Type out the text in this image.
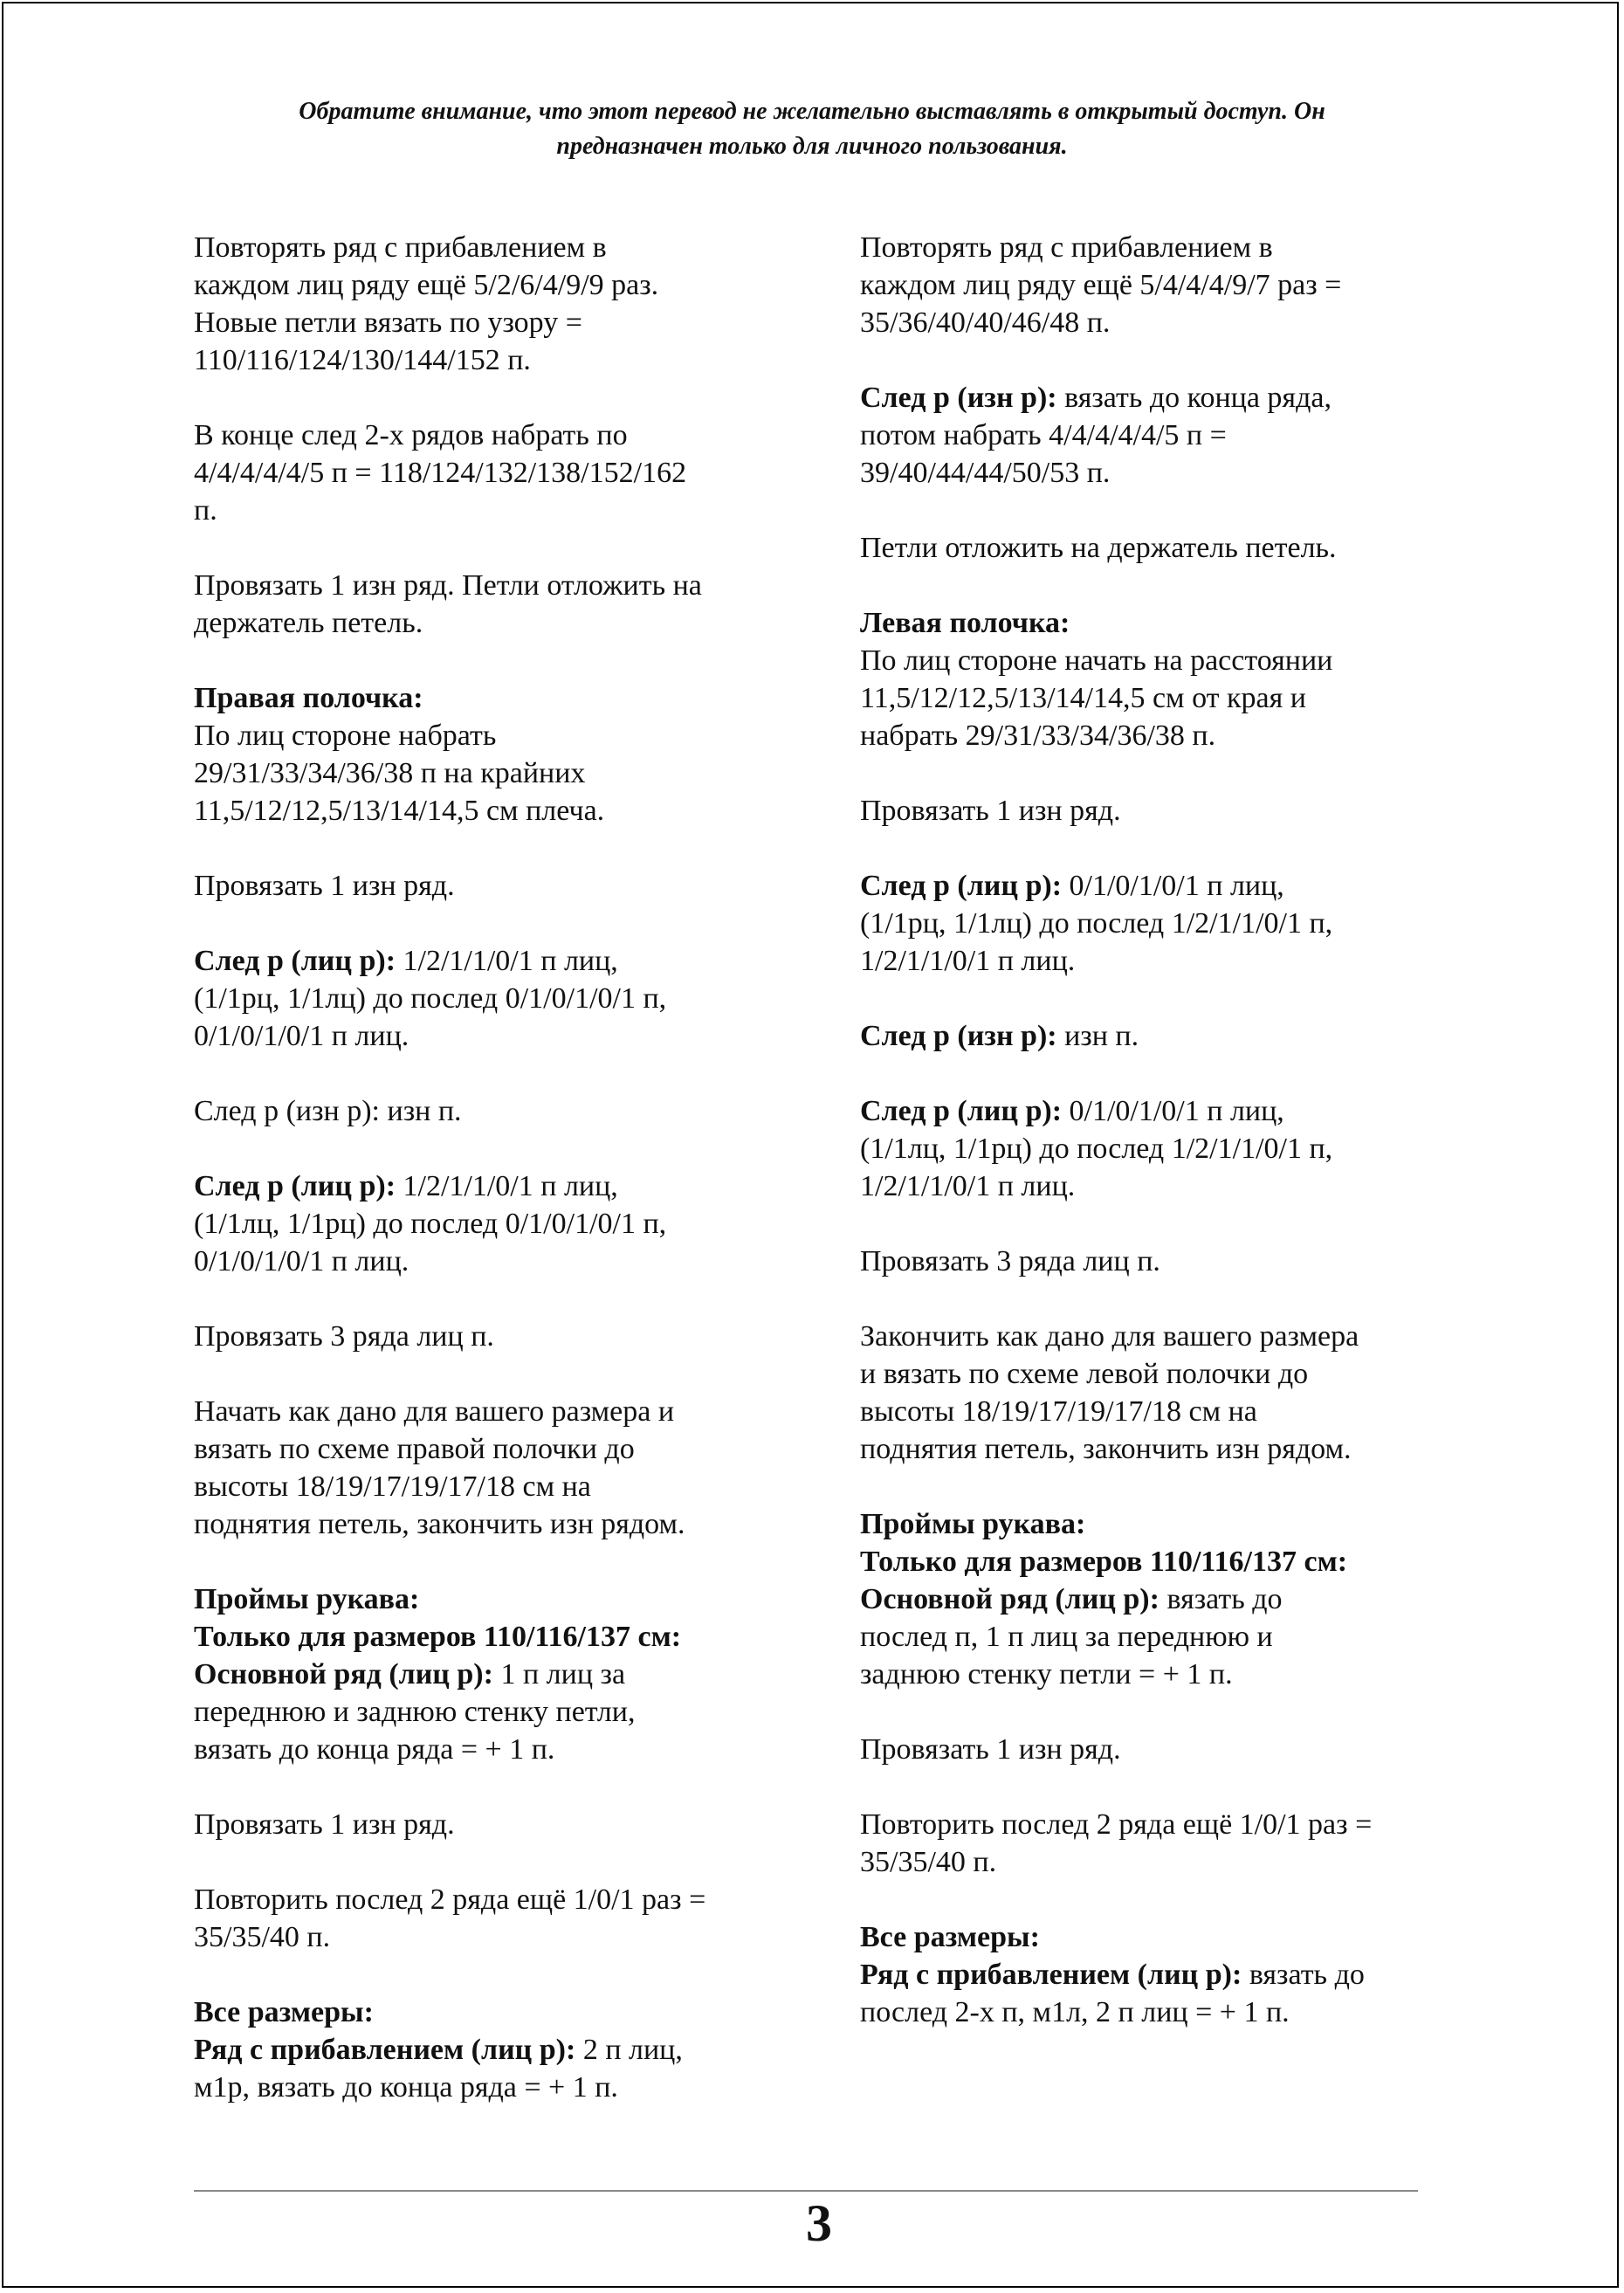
Обратите внимание, что этот перевод не желательно выставлять в открытый доступ. Он
предназначен только для личного пользования.

Повторять ряд с прибавлением в
каждом лиц ряду ещё 5/2/6/4/9/9 раз.
Новые петли вязать по узору =
110/116/124/130/144/152 п.

В конце след 2-х рядов набрать по
4/4/4/4/4/5 п = 118/124/132/138/152/162
п.

Провязать 1 изн ряд. Петли отложить на
держатель петель.

Правая полочка:
По лиц стороне набрать
29/31/33/34/36/38 п на крайних
11,5/12/12,5/13/14/14,5 см плеча.

Провязать 1 изн ряд.

След р (лиц р): 1/2/1/1/0/1 п лиц,
(1/1рц, 1/1лц) до послед 0/1/0/1/0/1 п,
0/1/0/1/0/1 п лиц.

След р (изн р): изн п.

След р (лиц р): 1/2/1/1/0/1 п лиц,
(1/1лц, 1/1рц) до послед 0/1/0/1/0/1 п,
0/1/0/1/0/1 п лиц.

Провязать 3 ряда лиц п.

Начать как дано для вашего размера и
вязать по схеме правой полочки до
высоты 18/19/17/19/17/18 см на
поднятия петель, закончить изн рядом.

Проймы рукава:
Только для размеров 110/116/137 см:
Основной ряд (лиц р): 1 п лиц за
переднюю и заднюю стенку петли,
вязать до конца ряда = + 1 п.

Провязать 1 изн ряд.

Повторить послед 2 ряда ещё 1/0/1 раз =
35/35/40 п.

Все размеры:
Ряд с прибавлением (лиц р): 2 п лиц,
м1р, вязать до конца ряда = + 1 п.

Повторять ряд с прибавлением в
каждом лиц ряду ещё 5/4/4/4/9/7 раз =
35/36/40/40/46/48 п.

След р (изн р): вязать до конца ряда,
потом набрать 4/4/4/4/4/5 п =
39/40/44/44/50/53 п.

Петли отложить на держатель петель.

Левая полочка:
По лиц стороне начать на расстоянии
11,5/12/12,5/13/14/14,5 см от края и
набрать 29/31/33/34/36/38 п.

Провязать 1 изн ряд.

След р (лиц р): 0/1/0/1/0/1 п лиц,
(1/1рц, 1/1лц) до послед 1/2/1/1/0/1 п,
1/2/1/1/0/1 п лиц.

След р (изн р): изн п.

След р (лиц р): 0/1/0/1/0/1 п лиц,
(1/1лц, 1/1рц) до послед 1/2/1/1/0/1 п,
1/2/1/1/0/1 п лиц.

Провязать 3 ряда лиц п.

Закончить как дано для вашего размера
и вязать по схеме левой полочки до
высоты 18/19/17/19/17/18 см на
поднятия петель, закончить изн рядом.

Проймы рукава:
Только для размеров 110/116/137 см:
Основной ряд (лиц р): вязать до
послед п, 1 п лиц за переднюю и
заднюю стенку петли = + 1 п.

Провязать 1 изн ряд.

Повторить послед 2 ряда ещё 1/0/1 раз =
35/35/40 п.

Все размеры:
Ряд с прибавлением (лиц р): вязать до
послед 2-х п, м1л, 2 п лиц = + 1 п.

3
